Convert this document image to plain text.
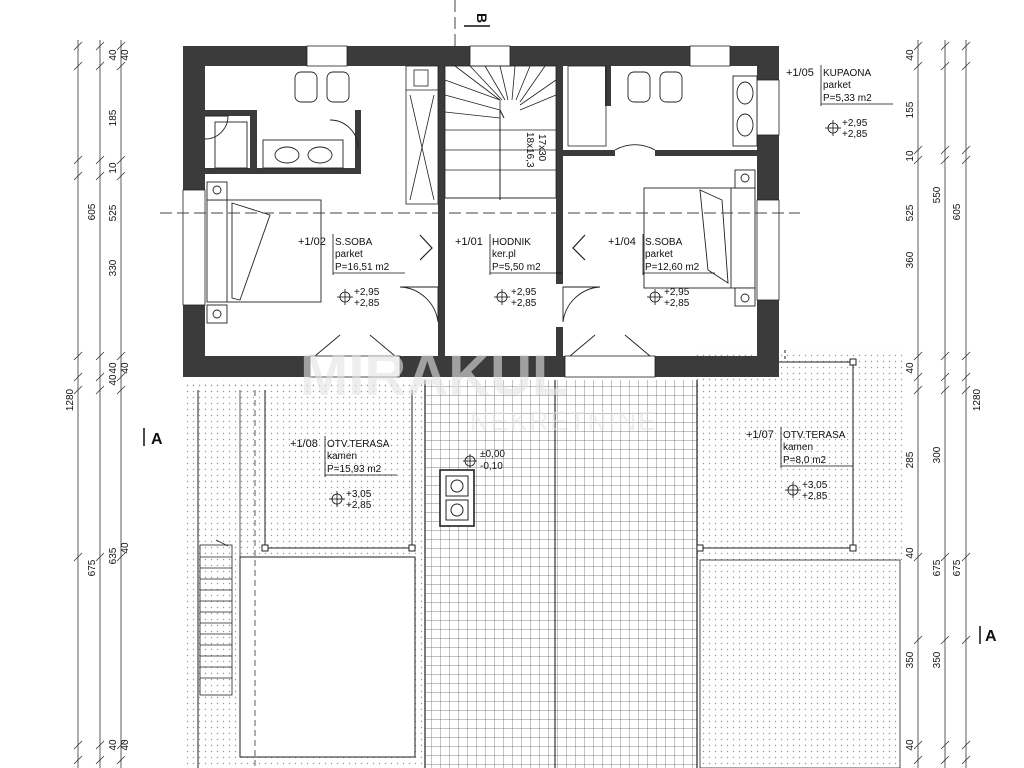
1280
605
675
40
185
10
525
330
40
40
635
40
40
40
40
40
1280
605
675
40
155
10
550
525
360
40
300
285
40
675
350 350
40
MIRAKUL
NEKRETNINE
A
A
B
+1/02 S.SOBA
parket
P=16,51 m2
+2,95
+2,85
+1/01 HODNIK
ker.pl
P=5,50 m2
+2,95
+2,85
+1/04 S.SOBA
parket
P=12,60 m2
+2,95
+2,85
+1/05 KUPAONA
parket
P=5,33 m2
+2,95
+2,85
+1/08 OTV.TERASA
kamen
P=15,93 m2
+3,05
+2,85
+1/07 OTV.TERASA
kamen
P=8,0 m2
+3,05
+2,85
17x30
18x16,3
±0,00
-0,10
